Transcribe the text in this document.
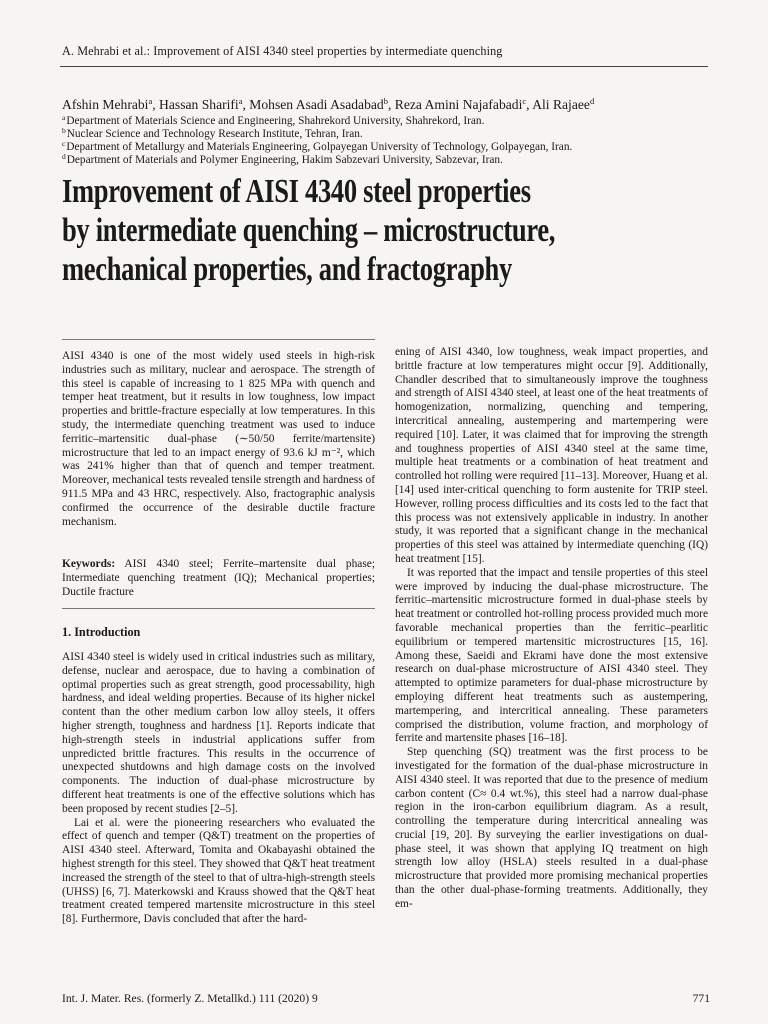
A. Mehrabi et al.: Improvement of AISI 4340 steel properties by intermediate quenching
Afshin Mehrabi$^a$, Hassan Sharifi$^a$, Mohsen Asadi Asadabad$^b$, Reza Amini Najafabadi$^c$, Ali Rajaee$^d$
$^a$Department of Materials Science and Engineering, Shahrekord University, Shahrekord, Iran.
$^b$Nuclear Science and Technology Research Institute, Tehran, Iran.
$^c$Department of Metallurgy and Materials Engineering, Golpayegan University of Technology, Golpayegan, Iran.
$^d$Department of Materials and Polymer Engineering, Hakim Sabzevari University, Sabzevar, Iran.
Improvement of AISI 4340 steel properties
by intermediate quenching – microstructure,
mechanical properties, and fractography

AISI 4340 is one of the most widely used steels in high-risk industries such as military, nuclear and aerospace. The strength of this steel is capable of increasing to 1 825 MPa with quench and temper heat treatment, but it results in low toughness, low impact properties and brittle-fracture especially at low temperatures. In this study, the intermediate quenching treatment was used to induce ferritic–martensitic dual-phase (∼50/50 ferrite/martensite) microstructure that led to an impact energy of 93.6 kJ m⁻², which was 241% higher than that of quench and temper treatment. Moreover, mechanical tests revealed tensile strength and hardness of 911.5 MPa and 43 HRC, respectively. Also, fractographic analysis confirmed the occurrence of the desirable ductile fracture mechanism.

Keywords: AISI 4340 steel; Ferrite–martensite dual phase; Intermediate quenching treatment (IQ); Mechanical properties; Ductile fracture
1. Introduction

AISI 4340 steel is widely used in critical industries such as military, defense, nuclear and aerospace, due to having a combination of optimal properties such as great strength, good processability, high hardness, and ideal welding properties. Because of its higher nickel content than the other medium carbon low alloy steels, it offers higher strength, toughness and hardness [1]. Reports indicate that high-strength steels in industrial applications suffer from unpredicted brittle fractures. This results in the occurrence of unexpected shutdowns and high damage costs on the involved components. The induction of dual-phase microstructure by different heat treatments is one of the effective solutions which has been proposed by recent studies [2–5].

Lai et al. were the pioneering researchers who evaluated the effect of quench and temper (Q&T) treatment on the properties of AISI 4340 steel. Afterward, Tomita and Okabayashi obtained the highest strength for this steel. They showed that Q&T heat treatment increased the strength of the steel to that of ultra-high-strength steels (UHSS) [6, 7]. Materkowski and Krauss showed that the Q&T heat treatment created tempered martensite microstructure in this steel [8]. Furthermore, Davis concluded that after the hard-

ening of AISI 4340, low toughness, weak impact properties, and brittle fracture at low temperatures might occur [9]. Additionally, Chandler described that to simultaneously improve the toughness and strength of AISI 4340 steel, at least one of the heat treatments of homogenization, normalizing, quenching and tempering, intercritical annealing, austempering and martempering were required [10]. Later, it was claimed that for improving the strength and toughness properties of AISI 4340 steel at the same time, multiple heat treatments or a combination of heat treatment and controlled hot rolling were required [11–13]. Moreover, Huang et al. [14] used inter-critical quenching to form austenite for TRIP steel. However, rolling process difficulties and its costs led to the fact that this process was not extensively applicable in industry. In another study, it was reported that a significant change in the mechanical properties of this steel was attained by intermediate quenching (IQ) heat treatment [15].

It was reported that the impact and tensile properties of this steel were improved by inducing the dual-phase microstructure. The ferritic–martensitic microstructure formed in dual-phase steels by heat treatment or controlled hot-rolling process provided much more favorable mechanical properties than the ferritic–pearlitic equilibrium or tempered martensitic microstructures [15, 16]. Among these, Saeidi and Ekrami have done the most extensive research on dual-phase microstructure of AISI 4340 steel. They attempted to optimize parameters for dual-phase microstructure by employing different heat treatments such as austempering, martempering, and intercritical annealing. These parameters comprised the distribution, volume fraction, and morphology of ferrite and martensite phases [16–18].

Step quenching (SQ) treatment was the first process to be investigated for the formation of the dual-phase microstructure in AISI 4340 steel. It was reported that due to the presence of medium carbon content (C≈ 0.4 wt.%), this steel had a narrow dual-phase region in the iron-carbon equilibrium diagram. As a result, controlling the temperature during intercritical annealing was crucial [19, 20]. By surveying the earlier investigations on dual-phase steel, it was shown that applying IQ treatment on high strength low alloy (HSLA) steels resulted in a dual-phase microstructure that provided more promising mechanical properties than the other dual-phase-forming treatments. Additionally, they em-

Int. J. Mater. Res. (formerly Z. Metallkd.) 111 (2020) 9	771
